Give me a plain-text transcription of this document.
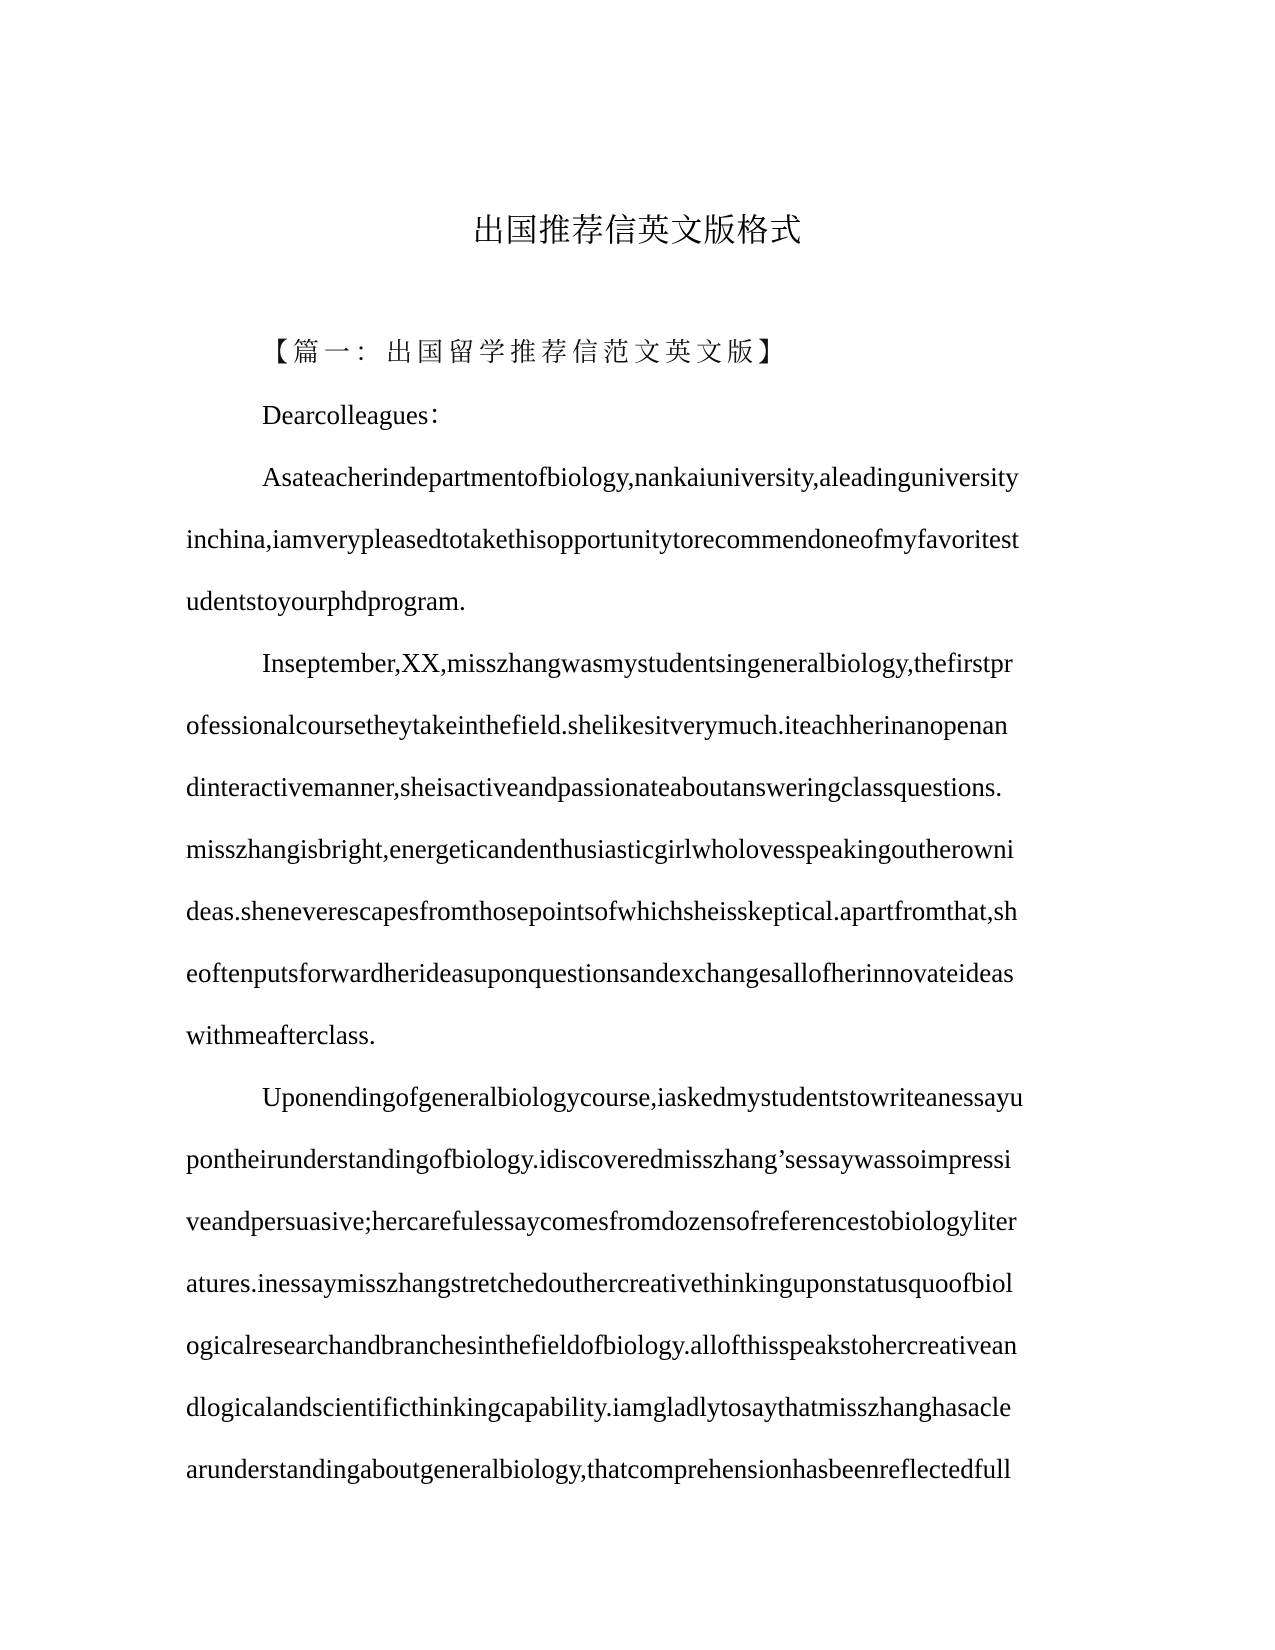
出国推荐信英文版格式
【篇一：出国留学推荐信范文英文版】
Dearcolleagues：
Asateacherindepartmentofbiology,nankaiuniversity,aleadinguniversity
inchina,iamverypleasedtotakethisopportunitytorecommendoneofmyfavoritest
udentstoyourphdprogram.
Inseptember,XX,misszhangwasmystudentsingeneralbiology,thefirstpr
ofessionalcoursetheytakeinthefield.shelikesitverymuch.iteachherinanopenan
dinteractivemanner,sheisactiveandpassionateaboutansweringclassquestions.
misszhangisbright,energeticandenthusiasticgirlwholovesspeakingoutherowni
deas.sheneverescapesfromthosepointsofwhichsheisskeptical.apartfromthat,sh
eoftenputsforwardherideasuponquestionsandexchangesallofherinnovateideas
withmeafterclass.
Uponendingofgeneralbiologycourse,iaskedmystudentstowriteanessayu
pontheirunderstandingofbiology.idiscoveredmisszhang’sessaywassoimpressi
veandpersuasive;hercarefulessaycomesfromdozensofreferencestobiologyliter
atures.inessaymisszhangstretchedouthercreativethinkinguponstatusquoofbiol
ogicalresearchandbranchesinthefieldofbiology.allofthisspeakstohercreativean
dlogicalandscientificthinkingcapability.iamgladlytosaythatmisszhanghasacle
arunderstandingaboutgeneralbiology,thatcomprehensionhasbeenreflectedfull
